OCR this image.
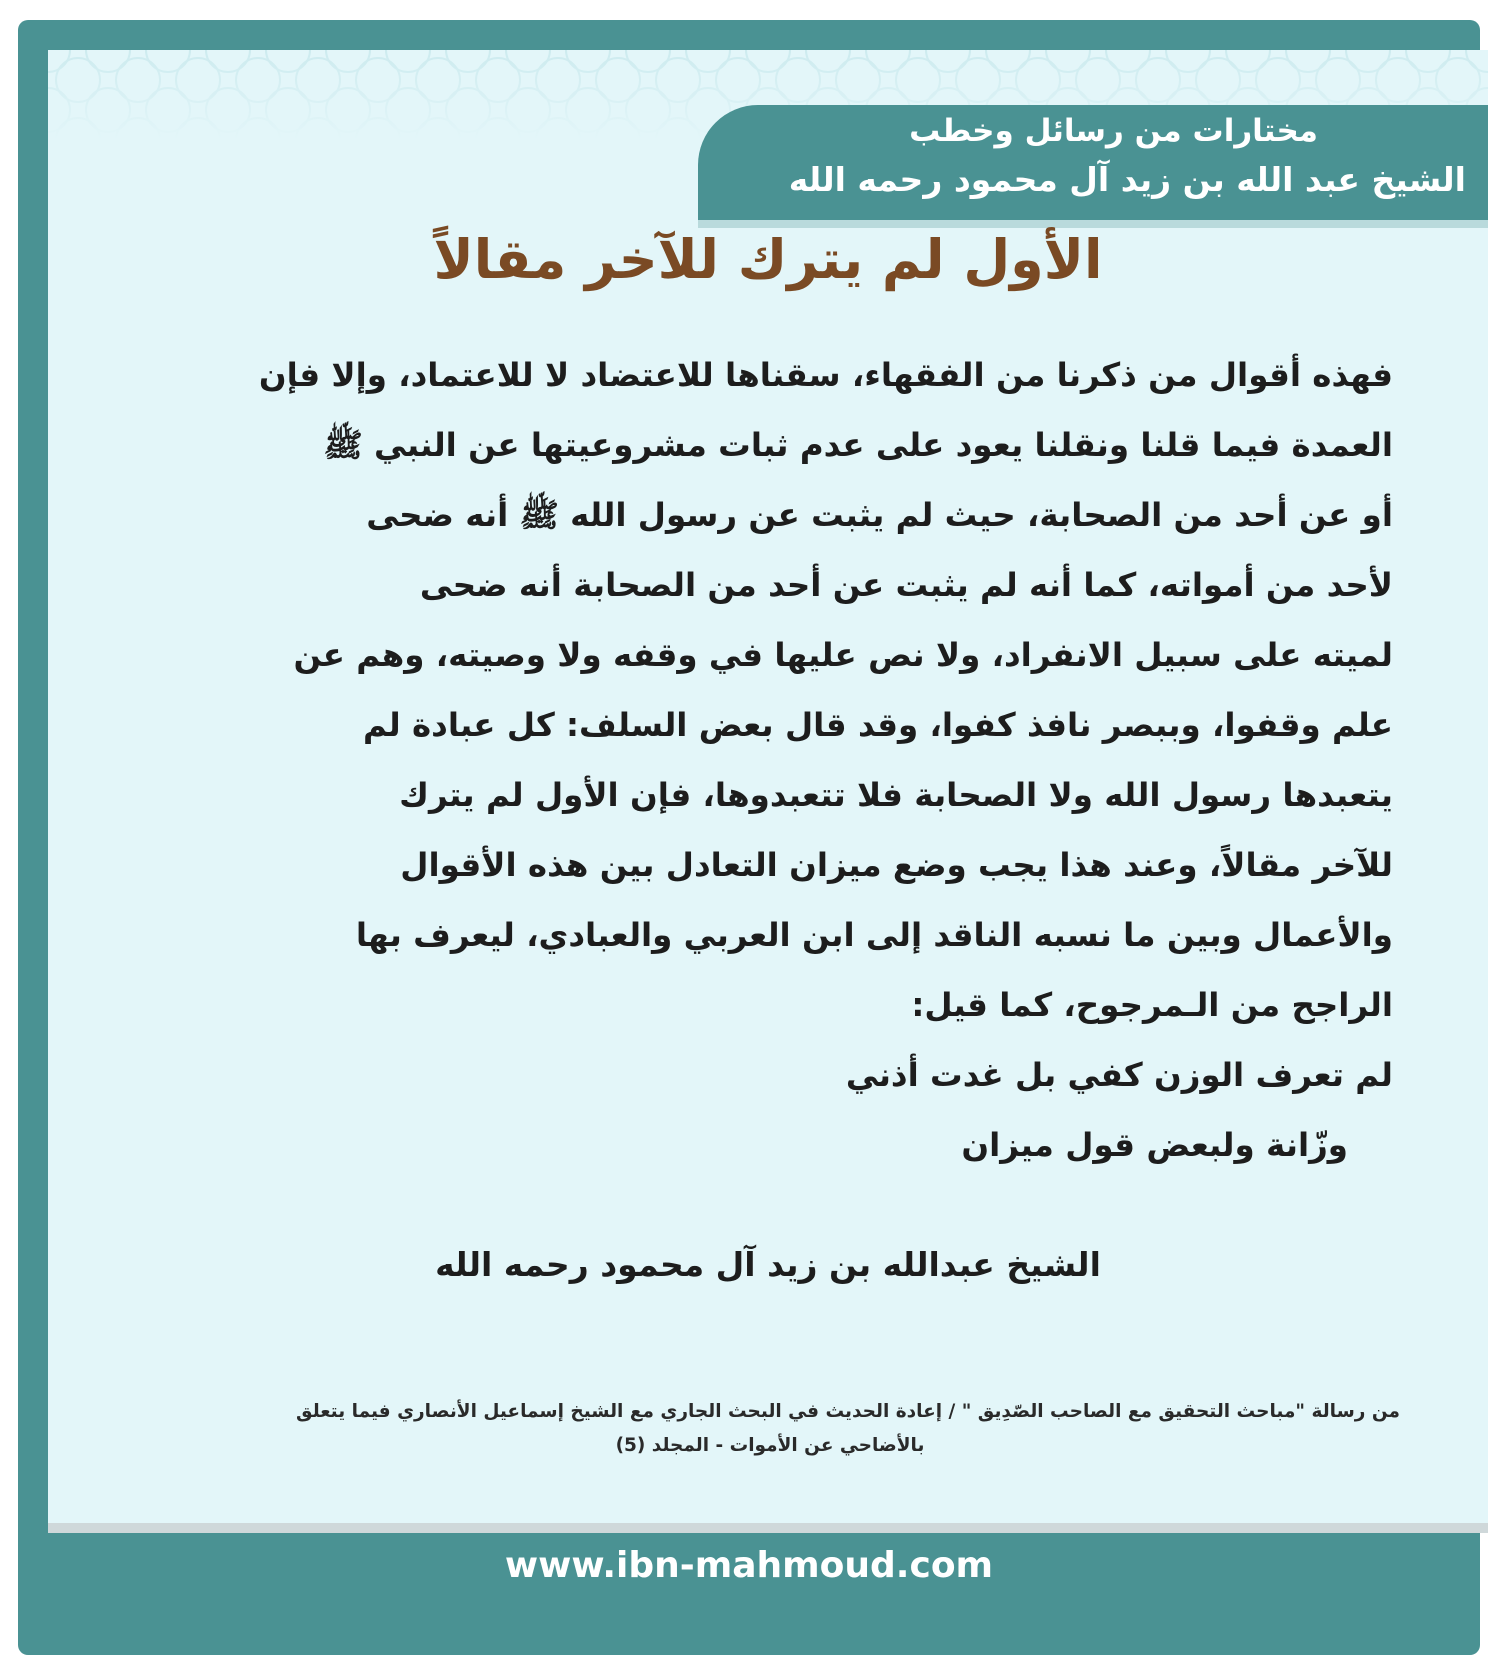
مختارات من رسائل وخطب

الشيخ عبد الله بن زيد آل محمود رحمه الله

الأول لم يترك للآخر مقالاً
فهذه أقوال من ذكرنا من الفقهاء، سقناها للاعتضاد لا للاعتماد، وإلا فإن
العمدة فيما قلنا ونقلنا يعود على عدم ثبات مشروعيتها عن النبي ﷺ
أو عن أحد من الصحابة، حيث لم يثبت عن رسول الله ﷺ أنه ضحى
لأحد من أمواته، كما أنه لم يثبت عن أحد من الصحابة أنه ضحى
لميته على سبيل الانفراد، ولا نص عليها في وقفه ولا وصيته، وهم عن
علم وقفوا، وببصر نافذ كفوا، وقد قال بعض السلف: كل عبادة لم
يتعبدها رسول الله ولا الصحابة فلا تتعبدوها، فإن الأول لم يترك
للآخر مقالاً، وعند هذا يجب وضع ميزان التعادل بين هذه الأقوال
والأعمال وبين ما نسبه الناقد إلى ابن العربي والعبادي، ليعرف بها
الراجح من الـمرجوح، كما قيل:
لم تعرف الوزن كفي بل غدت أذني
وزّانة ولبعض قول ميزان

الشيخ عبدالله بن زيد آل محمود رحمه الله

من رسالة "مباحث التحقيق مع الصاحب الصّدِيق " / إعادة الحديث في البحث الجاري مع الشيخ إسماعيل الأنصاري فيما يتعلق
بالأضاحي عن الأموات - المجلد (5)

www.ibn-mahmoud.com
